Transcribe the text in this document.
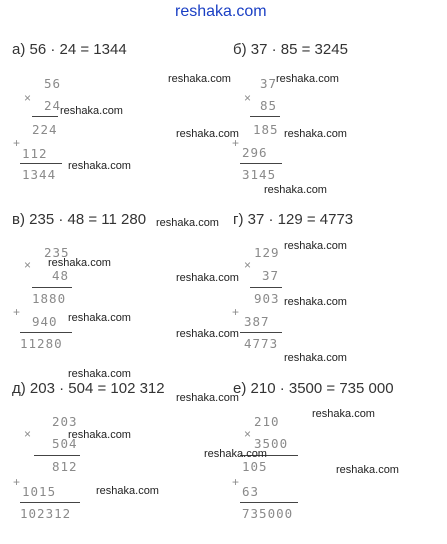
reshaka.com
а) 56 · 24 = 1344
×
56
24
224
+
112
1344
б) 37 · 85 = 3245
×
37
85
185
+
296
3145
в) 235 · 48 = 11 280
×
235
48
1880
+
940
11280
г) 37 · 129 = 4773
×
129
37
903
+
387
4773
д) 203 · 504 = 102 312
×
203
504
812
+
1015
102312
е) 210 · 3500 = 735 000
×
210
3500
105
+
63
735000
reshaka.com	reshaka.com
reshaka.com
reshaka.com	reshaka.com
reshaka.com
reshaka.com
reshaka.com
reshaka.com
reshaka.com
reshaka.com
reshaka.com
reshaka.com
reshaka.com
reshaka.com
reshaka.com
reshaka.com
reshaka.com
reshaka.com
reshaka.com
reshaka.com
reshaka.com
